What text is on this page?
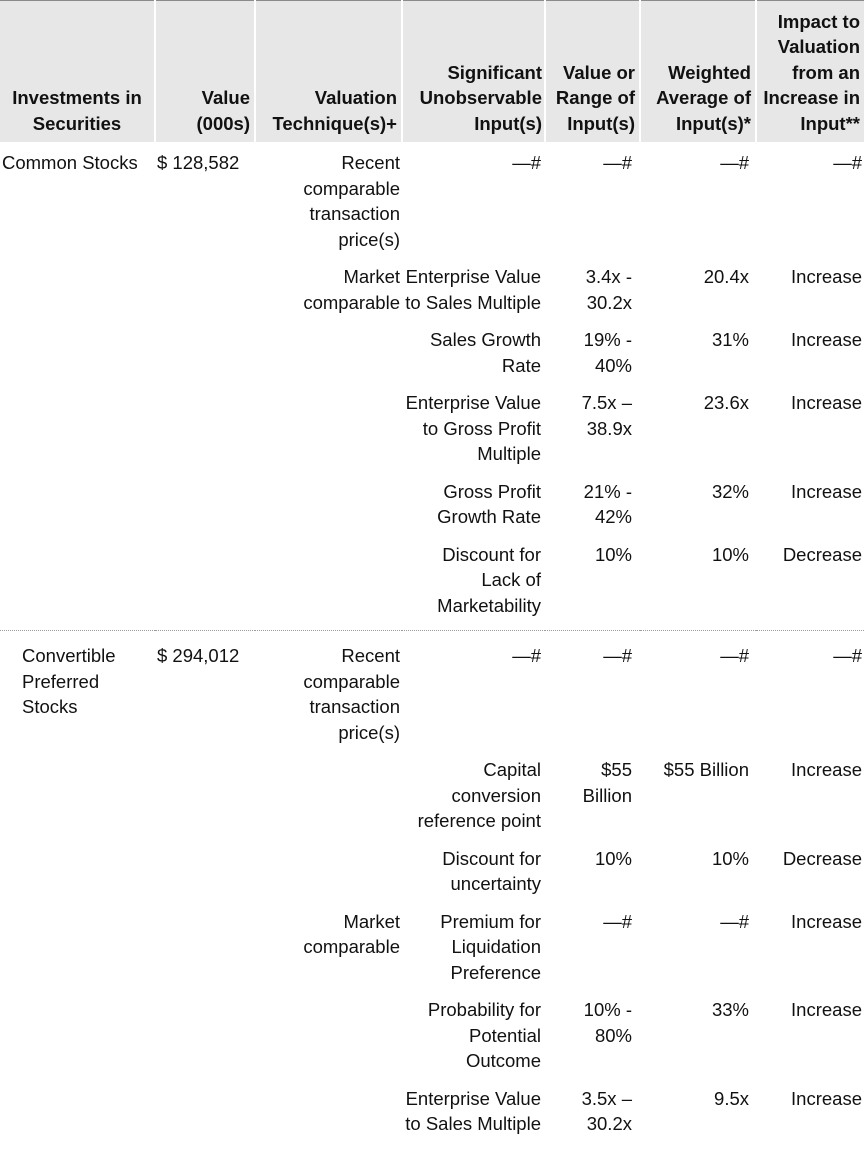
Investments in Securities	Value (000s)	Valuation Technique(s)+	Significant Unobservable Input(s)	Value or Range of Input(s)	Weighted Average of Input(s)*	Impact to Valuation from an Increase in Input**
Common Stocks	$ 128,582	Recent comparable transaction price(s)	—#	—#	—#	—#
		Market comparable	Enterprise Value to Sales Multiple	3.4x - 30.2x	20.4x	Increase
			Sales Growth Rate	19% - 40%	31%	Increase
			Enterprise Value to Gross Profit Multiple	7.5x – 38.9x	23.6x	Increase
			Gross Profit Growth Rate	21% - 42%	32%	Increase
			Discount for Lack of Marketability	10%	10%	Decrease
Convertible Preferred Stocks	$ 294,012	Recent comparable transaction price(s)	—#	—#	—#	—#
			Capital conversion reference point	$55 Billion	$55 Billion	Increase
			Discount for uncertainty	10%	10%	Decrease
		Market comparable	Premium for Liquidation Preference	—#	—#	Increase
			Probability for Potential Outcome	10% - 80%	33%	Increase
			Enterprise Value to Sales Multiple	3.5x – 30.2x	9.5x	Increase
